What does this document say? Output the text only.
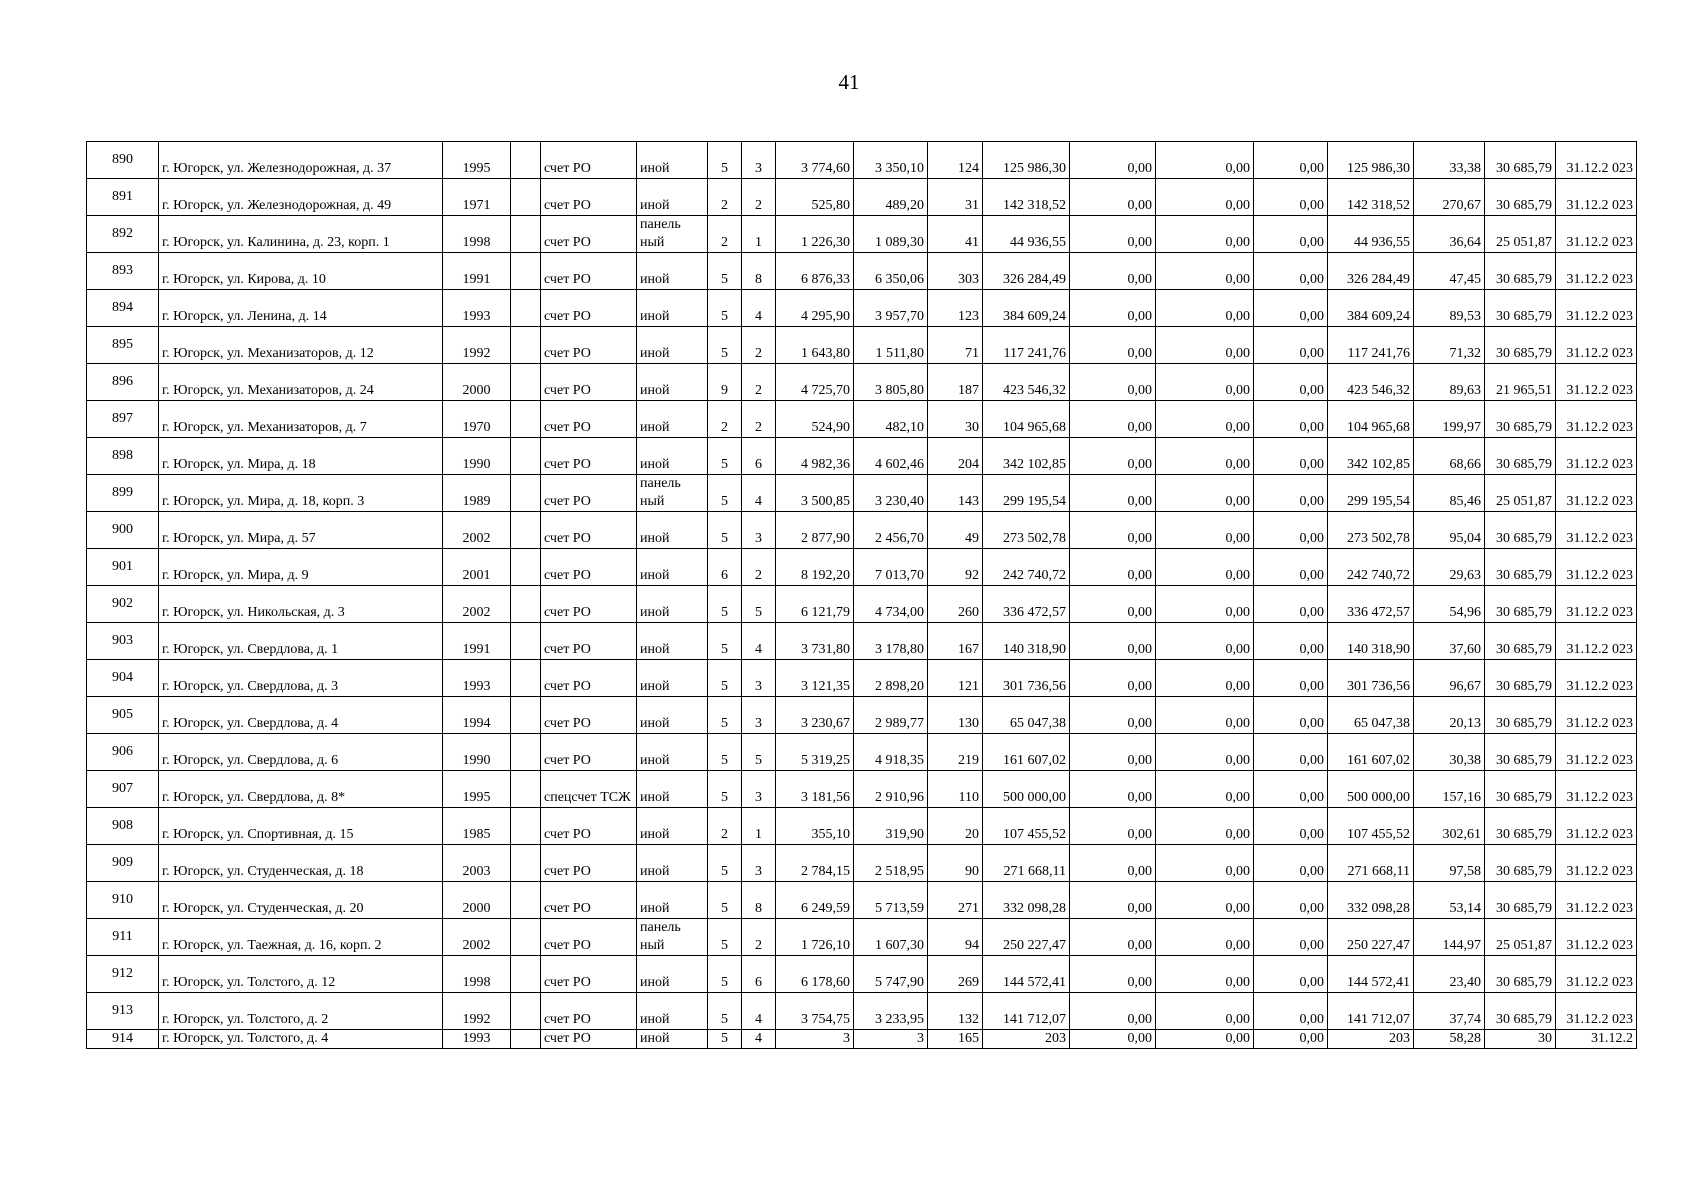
41
890	г. Югорск, ул. Железнодорожная, д. 37	1995		счет РО	иной	5	3	3 774,60	3 350,10	124	125 986,30	0,00	0,00	0,00	125 986,30	33,38	30 685,79	31.12.2 023
891	г. Югорск, ул. Железнодорожная, д. 49	1971		счет РО	иной	2	2	525,80	489,20	31	142 318,52	0,00	0,00	0,00	142 318,52	270,67	30 685,79	31.12.2 023
892	г. Югорск, ул. Калинина, д. 23, корп. 1	1998		счет РО	панель ный	2	1	1 226,30	1 089,30	41	44 936,55	0,00	0,00	0,00	44 936,55	36,64	25 051,87	31.12.2 023
893	г. Югорск, ул. Кирова, д. 10	1991		счет РО	иной	5	8	6 876,33	6 350,06	303	326 284,49	0,00	0,00	0,00	326 284,49	47,45	30 685,79	31.12.2 023
894	г. Югорск, ул. Ленина, д. 14	1993		счет РО	иной	5	4	4 295,90	3 957,70	123	384 609,24	0,00	0,00	0,00	384 609,24	89,53	30 685,79	31.12.2 023
895	г. Югорск, ул. Механизаторов, д. 12	1992		счет РО	иной	5	2	1 643,80	1 511,80	71	117 241,76	0,00	0,00	0,00	117 241,76	71,32	30 685,79	31.12.2 023
896	г. Югорск, ул. Механизаторов, д. 24	2000		счет РО	иной	9	2	4 725,70	3 805,80	187	423 546,32	0,00	0,00	0,00	423 546,32	89,63	21 965,51	31.12.2 023
897	г. Югорск, ул. Механизаторов, д. 7	1970		счет РО	иной	2	2	524,90	482,10	30	104 965,68	0,00	0,00	0,00	104 965,68	199,97	30 685,79	31.12.2 023
898	г. Югорск, ул. Мира, д. 18	1990		счет РО	иной	5	6	4 982,36	4 602,46	204	342 102,85	0,00	0,00	0,00	342 102,85	68,66	30 685,79	31.12.2 023
899	г. Югорск, ул. Мира, д. 18, корп. 3	1989		счет РО	панель ный	5	4	3 500,85	3 230,40	143	299 195,54	0,00	0,00	0,00	299 195,54	85,46	25 051,87	31.12.2 023
900	г. Югорск, ул. Мира, д. 57	2002		счет РО	иной	5	3	2 877,90	2 456,70	49	273 502,78	0,00	0,00	0,00	273 502,78	95,04	30 685,79	31.12.2 023
901	г. Югорск, ул. Мира, д. 9	2001		счет РО	иной	6	2	8 192,20	7 013,70	92	242 740,72	0,00	0,00	0,00	242 740,72	29,63	30 685,79	31.12.2 023
902	г. Югорск, ул. Никольская, д. 3	2002		счет РО	иной	5	5	6 121,79	4 734,00	260	336 472,57	0,00	0,00	0,00	336 472,57	54,96	30 685,79	31.12.2 023
903	г. Югорск, ул. Свердлова, д. 1	1991		счет РО	иной	5	4	3 731,80	3 178,80	167	140 318,90	0,00	0,00	0,00	140 318,90	37,60	30 685,79	31.12.2 023
904	г. Югорск, ул. Свердлова, д. 3	1993		счет РО	иной	5	3	3 121,35	2 898,20	121	301 736,56	0,00	0,00	0,00	301 736,56	96,67	30 685,79	31.12.2 023
905	г. Югорск, ул. Свердлова, д. 4	1994		счет РО	иной	5	3	3 230,67	2 989,77	130	65 047,38	0,00	0,00	0,00	65 047,38	20,13	30 685,79	31.12.2 023
906	г. Югорск, ул. Свердлова, д. 6	1990		счет РО	иной	5	5	5 319,25	4 918,35	219	161 607,02	0,00	0,00	0,00	161 607,02	30,38	30 685,79	31.12.2 023
907	г. Югорск, ул. Свердлова, д. 8*	1995		спецсчет ТСЖ	иной	5	3	3 181,56	2 910,96	110	500 000,00	0,00	0,00	0,00	500 000,00	157,16	30 685,79	31.12.2 023
908	г. Югорск, ул. Спортивная, д. 15	1985		счет РО	иной	2	1	355,10	319,90	20	107 455,52	0,00	0,00	0,00	107 455,52	302,61	30 685,79	31.12.2 023
909	г. Югорск, ул. Студенческая, д. 18	2003		счет РО	иной	5	3	2 784,15	2 518,95	90	271 668,11	0,00	0,00	0,00	271 668,11	97,58	30 685,79	31.12.2 023
910	г. Югорск, ул. Студенческая, д. 20	2000		счет РО	иной	5	8	6 249,59	5 713,59	271	332 098,28	0,00	0,00	0,00	332 098,28	53,14	30 685,79	31.12.2 023
911	г. Югорск, ул. Таежная, д. 16, корп. 2	2002		счет РО	панель ный	5	2	1 726,10	1 607,30	94	250 227,47	0,00	0,00	0,00	250 227,47	144,97	25 051,87	31.12.2 023
912	г. Югорск, ул. Толстого, д. 12	1998		счет РО	иной	5	6	6 178,60	5 747,90	269	144 572,41	0,00	0,00	0,00	144 572,41	23,40	30 685,79	31.12.2 023
913	г. Югорск, ул. Толстого, д. 2	1992		счет РО	иной	5	4	3 754,75	3 233,95	132	141 712,07	0,00	0,00	0,00	141 712,07	37,74	30 685,79	31.12.2 023
914	г. Югорск, ул. Толстого, д. 4	1993		счет РО	иной	5	4	3	3	165	203	0,00	0,00	0,00	203	58,28	30	31.12.2
